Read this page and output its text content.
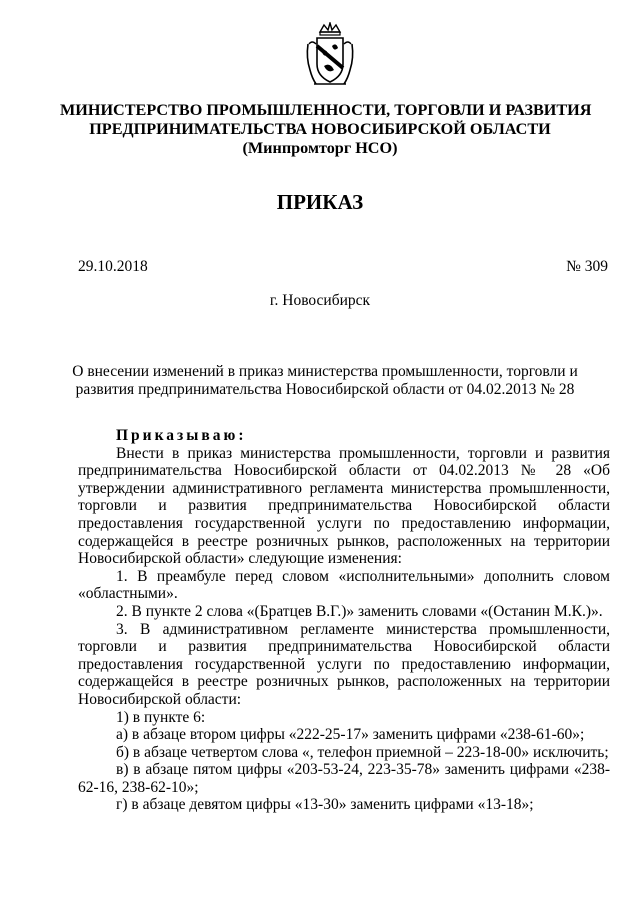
МИНИСТЕРСТВО ПРОМЫШЛЕННОСТИ, ТОРГОВЛИ И РАЗВИТИЯ
ПРЕДПРИНИМАТЕЛЬСТВА НОВОСИБИРСКОЙ ОБЛАСТИ
(Минпромторг НСО)
ПРИКАЗ
29.10.2018	№ 309
г. Новосибирск
О внесении изменений в приказ министерства промышленности, торговли и
развития предпринимательства Новосибирской области от 04.02.2013 № 28

Приказываю:

Внести в приказ министерства промышленности, торговли и развития предпринимательства Новосибирской области от 04.02.2013 № 28 «Об утверждении административного регламента министерства промышленности, торговли и развития предпринимательства Новосибирской области предоставления государственной услуги по предоставлению информации, содержащейся в реестре розничных рынков, расположенных на территории Новосибирской области» следующие изменения:

1. В преамбуле перед словом «исполнительными» дополнить словом «областными».

2. В пункте 2 слова «(Братцев В.Г.)» заменить словами «(Останин М.К.)».

3. В административном регламенте министерства промышленности, торговли и развития предпринимательства Новосибирской области предоставления государственной услуги по предоставлению информации, содержащейся в реестре розничных рынков, расположенных на территории Новосибирской области:

1) в пункте 6:

а) в абзаце втором цифры «222-25-17» заменить цифрами «238-61-60»;

б) в абзаце четвертом слова «, телефон приемной – 223-18-00» исключить;

в) в абзаце пятом цифры «203-53-24, 223-35-78» заменить цифрами «238-62-16, 238-62-10»;

г) в абзаце девятом цифры «13-30» заменить цифрами «13-18»;
